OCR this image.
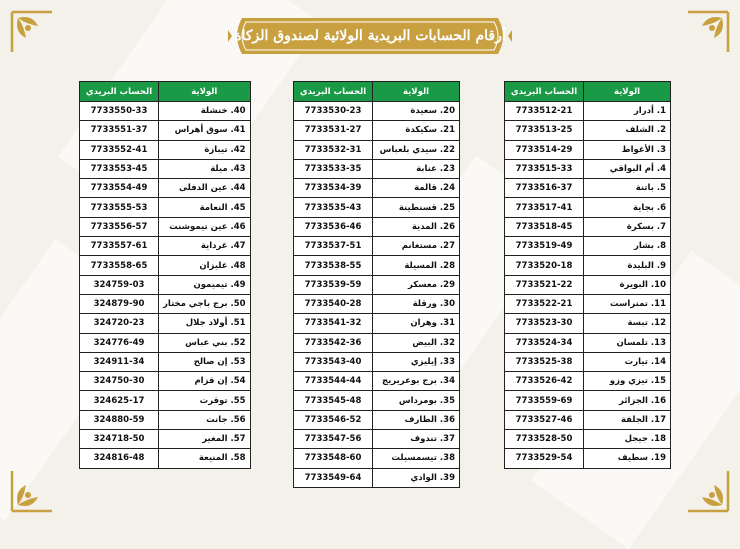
أرقام الحسابات البريدية الولائية لصندوق الزكاة
الولاية	الحساب البريدي
1. أدرار	7733512-21
2. الشلف	7733513-25
3. الأغواط	7733514-29
4. أم البواقي	7733515-33
5. باتنة	7733516-37
6. بجاية	7733517-41
7. بسكرة	7733518-45
8. بشار	7733519-49
9. البليدة	7733520-18
10. البويرة	7733521-22
11. تمنراست	7733522-21
12. تبسة	7733523-30
13. تلمسان	7733524-34
14. تيارت	7733525-38
15. تيزي وزو	7733526-42
16. الجزائر	7733559-69
17. الجلفة	7733527-46
18. جيجل	7733528-50
19. سطيف	7733529-54
الولاية	الحساب البريدي
20. سعيدة	7733530-23
21. سكيكدة	7733531-27
22. سيدي بلعباس	7733532-31
23. عنابة	7733533-35
24. قالمة	7733534-39
25. قسنطينة	7733535-43
26. المدية	7733536-46
27. مستغانم	7733537-51
28. المسيلة	7733538-55
29. معسكر	7733539-59
30. ورقلة	7733540-28
31. وهران	7733541-32
32. البيض	7733542-36
33. إيليزي	7733543-40
34. برج بوعريريج	7733544-44
35. بومرداس	7733545-48
36. الطارف	7733546-52
37. تندوف	7733547-56
38. تيسمسيلت	7733548-60
39. الوادي	7733549-64
الولاية	الحساب البريدي
40. خنشلة	7733550-33
41. سوق أهراس	7733551-37
42. تيبازة	7733552-41
43. ميلة	7733553-45
44. عين الدفلى	7733554-49
45. النعامة	7733555-53
46. عين تيموشنت	7733556-57
47. غرداية	7733557-61
48. غليزان	7733558-65
49. تيميمون	324759-03
50. برج باجي مختار	324879-90
51. أولاد جلال	324720-23
52. بني عباس	324776-49
53. إن صالح	324911-34
54. إن قزام	324750-30
55. توقرت	324625-17
56. جانت	324880-59
57. المغير	324718-50
58. المنيعة	324816-48
